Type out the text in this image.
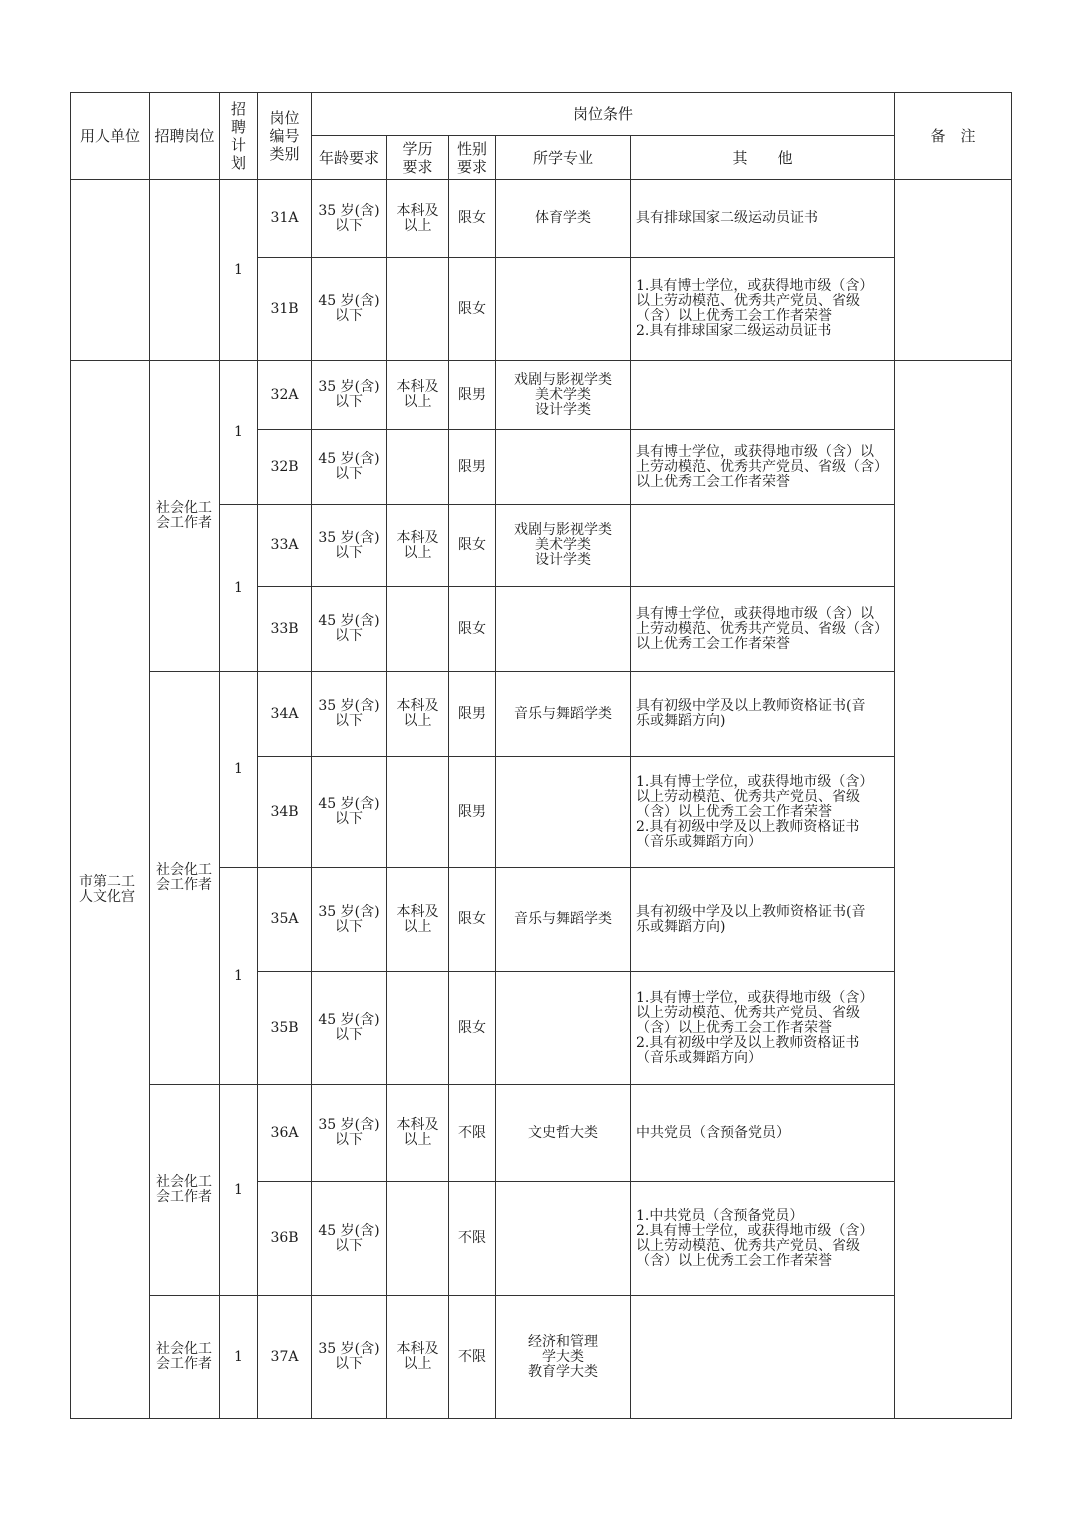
用人单位	招聘岗位	招
聘
计
划	岗位
编号
类别	岗位条件					备　注
				年龄要求	学历
要求	性别
要求	所学专业	其　　他	
		1	31A	35 岁(含)
以下	本科及
以上	限女	体育学类	具有排球国家二级运动员证书	
			31B	45 岁(含)
以下		限女		1.具有博士学位，或获得地市级（含）
以上劳动模范、优秀共产党员、省级
（含）以上优秀工会工作者荣誉
2.具有排球国家二级运动员证书	
市第二工
人文化宫	社会化工
会工作者	1	32A	35 岁(含)
以下	本科及
以上	限男	戏剧与影视学类
美术学类
设计学类		
			32B	45 岁(含)
以下		限男		具有博士学位，或获得地市级（含）以
上劳动模范、优秀共产党员、省级（含）
以上优秀工会工作者荣誉	
		1	33A	35 岁(含)
以下	本科及
以上	限女	戏剧与影视学类
美术学类
设计学类		
			33B	45 岁(含)
以下		限女		具有博士学位，或获得地市级（含）以
上劳动模范、优秀共产党员、省级（含）
以上优秀工会工作者荣誉	
	社会化工
会工作者	1	34A	35 岁(含)
以下	本科及
以上	限男	音乐与舞蹈学类	具有初级中学及以上教师资格证书(音
乐或舞蹈方向)	
			34B	45 岁(含)
以下		限男		1.具有博士学位，或获得地市级（含）
以上劳动模范、优秀共产党员、省级
（含）以上优秀工会工作者荣誉
2.具有初级中学及以上教师资格证书
（音乐或舞蹈方向）	
		1	35A	35 岁(含)
以下	本科及
以上	限女	音乐与舞蹈学类	具有初级中学及以上教师资格证书(音
乐或舞蹈方向)	
			35B	45 岁(含)
以下		限女		1.具有博士学位，或获得地市级（含）
以上劳动模范、优秀共产党员、省级
（含）以上优秀工会工作者荣誉
2.具有初级中学及以上教师资格证书
（音乐或舞蹈方向）	
	社会化工
会工作者	1	36A	35 岁(含)
以下	本科及
以上	不限	文史哲大类	中共党员（含预备党员）	
			36B	45 岁(含)
以下		不限		1.中共党员（含预备党员）
2.具有博士学位，或获得地市级（含）
以上劳动模范、优秀共产党员、省级
（含）以上优秀工会工作者荣誉	
	社会化工
会工作者	1	37A	35 岁(含)
以下	本科及
以上	不限	经济和管理
学大类
教育学大类		
